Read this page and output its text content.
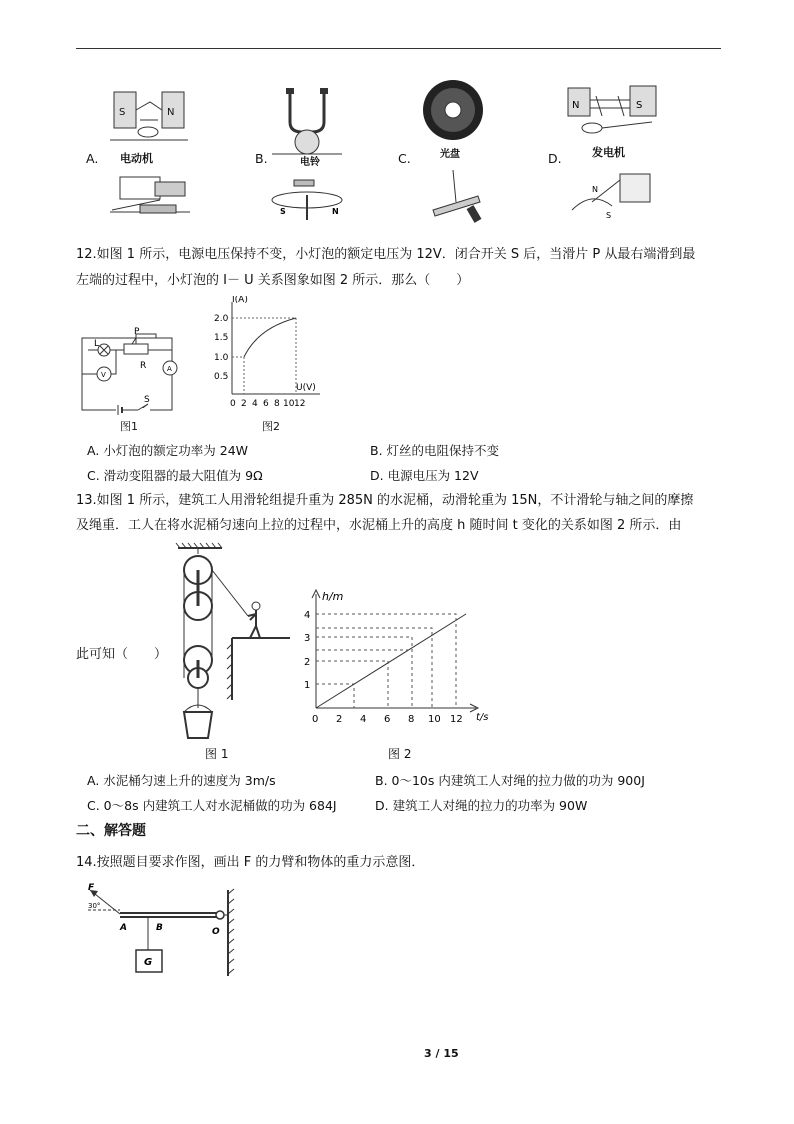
S	N
A. 电动机
S	N
B.	电铃	C.	光盘
N	S
N
S
D.	发电机
12.如图 1 所示，电源电压保持不变，小灯泡的额定电压为 12V．闭合开关 S 后，当滑片 P 从最右端滑到最
左端的过程中，小灯泡的 I－ U 关系图象如图 2 所示．那么（　　）
L
P
R
V
A
S
图1
I(A)
U(V)
2.0
1.5
1.0
0.5
0 2 4 6 8 10 12
图2
A. 小灯泡的额定功率为 24W	B. 灯丝的电阻保持不变
C. 滑动变阻器的最大阻值为 9Ω	D. 电源电压为 12V
13.如图 1 所示，建筑工人用滑轮组提升重为 285N 的水泥桶，动滑轮重为 15N，不计滑轮与轴之间的摩擦
及绳重．工人在将水泥桶匀速向上拉的过程中，水泥桶上升的高度 h 随时间 t 变化的关系如图 2 所示．由
此可知（　　）
图 1
h/m
t/s
4
3
2
1
0 2 4 6 8 10 12
图 2
A. 水泥桶匀速上升的速度为 3m/s	B. 0～10s 内建筑工人对绳的拉力做的功为 900J
C. 0～8s 内建筑工人对水泥桶做的功为 684J	D. 建筑工人对绳的拉力的功率为 90W
二、解答题
14.按照题目要求作图，画出 F 的力臂和物体的重力示意图．
F
30°
A	B	O
G
3 / 15
